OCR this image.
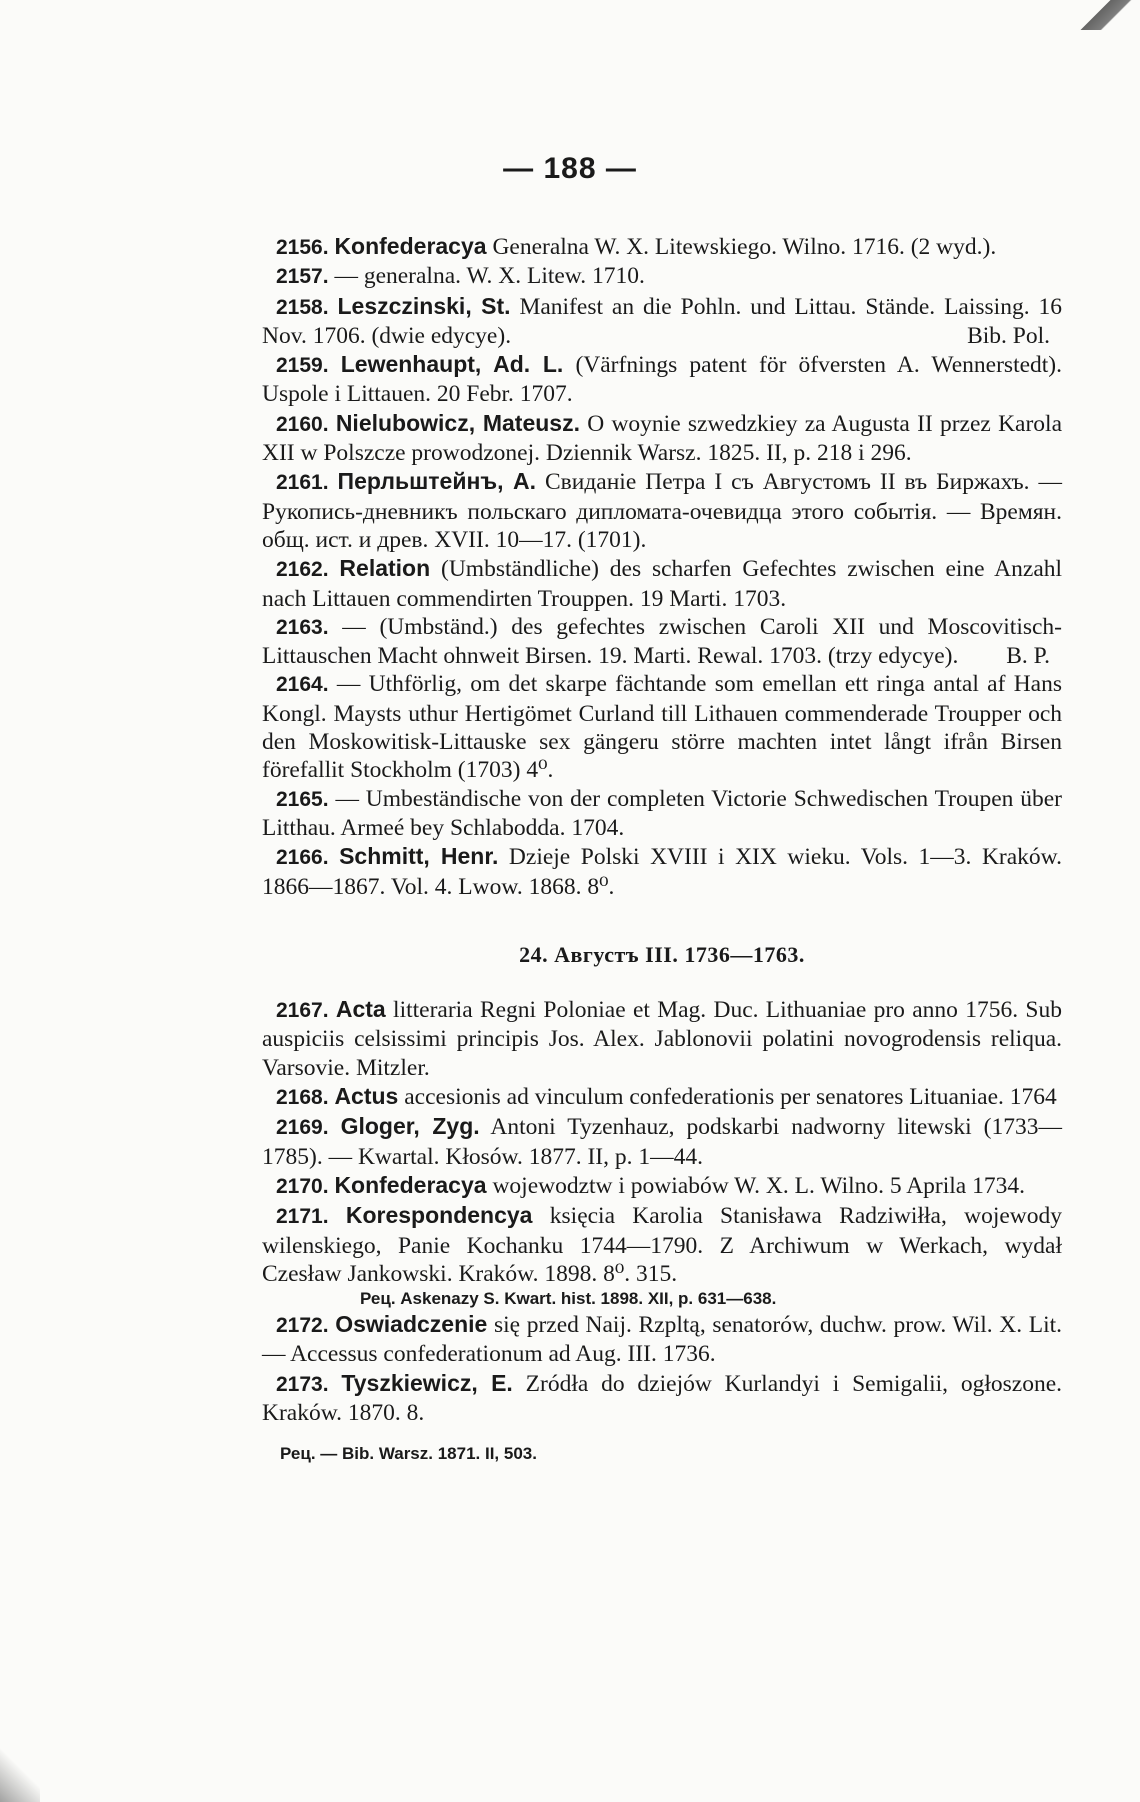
— 188 —

2156. Konfederacya Generalna W. X. Litewskiego. Wilno. 1716. (2 wyd.).

2157. — generalna. W. X. Litew. 1710.

2158. Leszczinski, St. Manifest an die Pohln. und Littau. Stände. Laissing. 16 Nov. 1706. (dwie edycye).	Bib. Pol.

2159. Lewenhaupt, Ad. L. (Värfnings patent för öfversten A. Wennerstedt). Uspole i Littauen. 20 Febr. 1707.

2160. Nielubowicz, Mateusz. O woynie szwedzkiey za Augusta II przez Karola XII w Polszcze prowodzonej. Dziennik Warsz. 1825. II, p. 218 i 296.

2161. Перльштейнъ, А. Свиданіе Петра I съ Августомъ II въ Биржахъ. — Рукопись-дневникъ польскаго дипломата-очевидца этого событія. — Времян. общ. ист. и древ. XVII. 10—17. (1701).

2162. Relation (Umbständliche) des scharfen Gefechtes zwischen eine Anzahl nach Littauen commendirten Trouppen. 19 Marti. 1703.

2163. — (Umbständ.) des gefechtes zwischen Caroli XII und Moscovitisch-Littauschen Macht ohnweit Birsen. 19. Marti. Rewal. 1703. (trzy edycye).	B. P.

2164. — Uthförlig, om det skarpe fächtande som emellan ett ringa antal af Hans Kongl. Maysts uthur Hertigömet Curland till Lithauen commenderade Troupper och den Moskowitisk-Littauske sex gängeru större machten intet långt ifrån Birsen förefallit Stockholm (1703) 4⁰.

2165. — Umbeständische von der completen Victorie Schwedischen Troupen über Litthau. Armeé bey Schlabodda. 1704.

2166. Schmitt, Henr. Dzieje Polski XVIII i XIX wieku. Vols. 1—3. Kraków. 1866—1867. Vol. 4. Lwow. 1868. 8⁰.

24. Августъ III. 1736—1763.

2167. Acta litteraria Regni Poloniae et Mag. Duc. Lithuaniae pro anno 1756. Sub auspiciis celsissimi principis Jos. Alex. Jablonovii polatini novogrodensis reliqua. Varsovie. Mitzler.

2168. Actus accesionis ad vinculum confederationis per senatores Lituaniae. 1764

2169. Gloger, Zyg. Antoni Tyzenhauz, podskarbi nadworny litewski (1733—1785). — Kwartal. Kłosów. 1877. II, p. 1—44.

2170. Konfederacya wojewodztw i powiabów W. X. L. Wilno. 5 Aprila 1734.

2171. Korespondencya księcia Karolia Stanisława Radziwiłła, wojewody wilenskiego, Panie Kochanku 1744—1790. Z Archiwum w Werkach, wydał Czesław Jankowski. Kraków. 1898. 8⁰. 315.

Рец. Askenazy S. Kwart. hist. 1898. XII, p. 631—638.

2172. Oswiadczenie się przed Naij. Rzpltą, senatorów, duchw. prow. Wil. X. Lit. — Accessus confederationum ad Aug. III. 1736.

2173. Tyszkiewicz, E. Zródła do dziejów Kurlandyi i Semigalii, ogłoszone. Kraków. 1870. 8.

Рец. — Bib. Warsz. 1871. II, 503.
